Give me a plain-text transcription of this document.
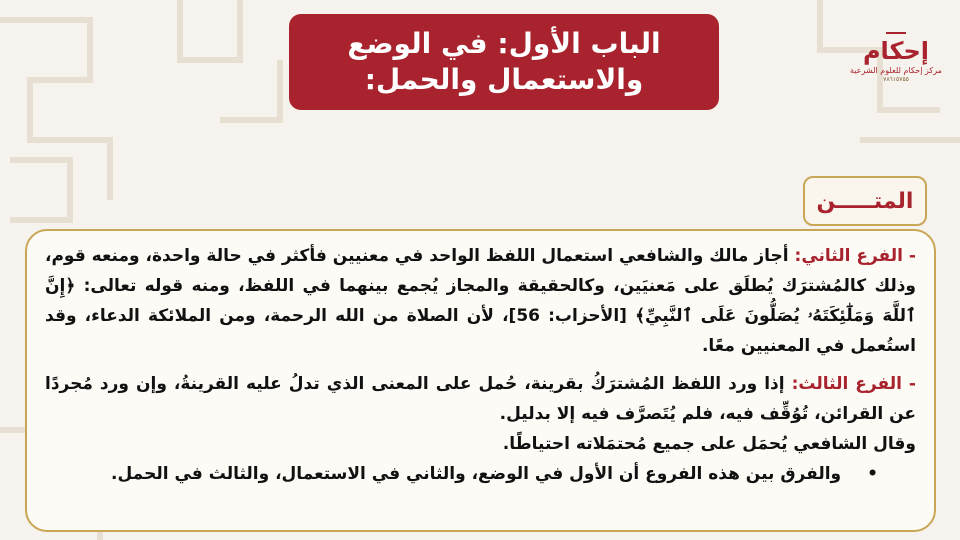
الباب الأول: في الوضع
والاستعمال والحمل:
إحكام
مركز إحكام للعلوم الشرعية
٧٨٦١٥٧٥٥
المتـــــن

- الفرع الثاني: أجاز مالك والشافعي استعمال اللفظ الواحد في معنيين فأكثر في حالة واحدة، ومنعه قوم، وذلك كالمُشترَك يُطلَق على مَعنيَين، وكالحقيقة والمجاز يُجمع بينهما في اللفظ، ومنه قوله تعالى: ﴿إِنَّ ٱللَّهَ وَمَلَٰٓئِكَتَهُۥ يُصَلُّونَ عَلَى ٱلنَّبِيِّ﴾ [الأحزاب: 56]، لأن الصلاة من الله الرحمة، ومن الملائكة الدعاء، وقد استُعمل في المعنيين معًا.

- الفرع الثالث: إذا ورد اللفظ المُشترَكُ بقرينة، حُمل على المعنى الذي تدلُ عليه القرينةُ، وإن ورد مُجردًا عن القرائن، تُوُقِّف فيه، فلم يُتَصرَّف فيه إلا بدليل.

وقال الشافعي يُحمَل على جميع مُحتمَلاته احتياطًا.

•
والفرق بين هذه الفروع أن الأول في الوضع، والثاني في الاستعمال، والثالث في الحمل.
